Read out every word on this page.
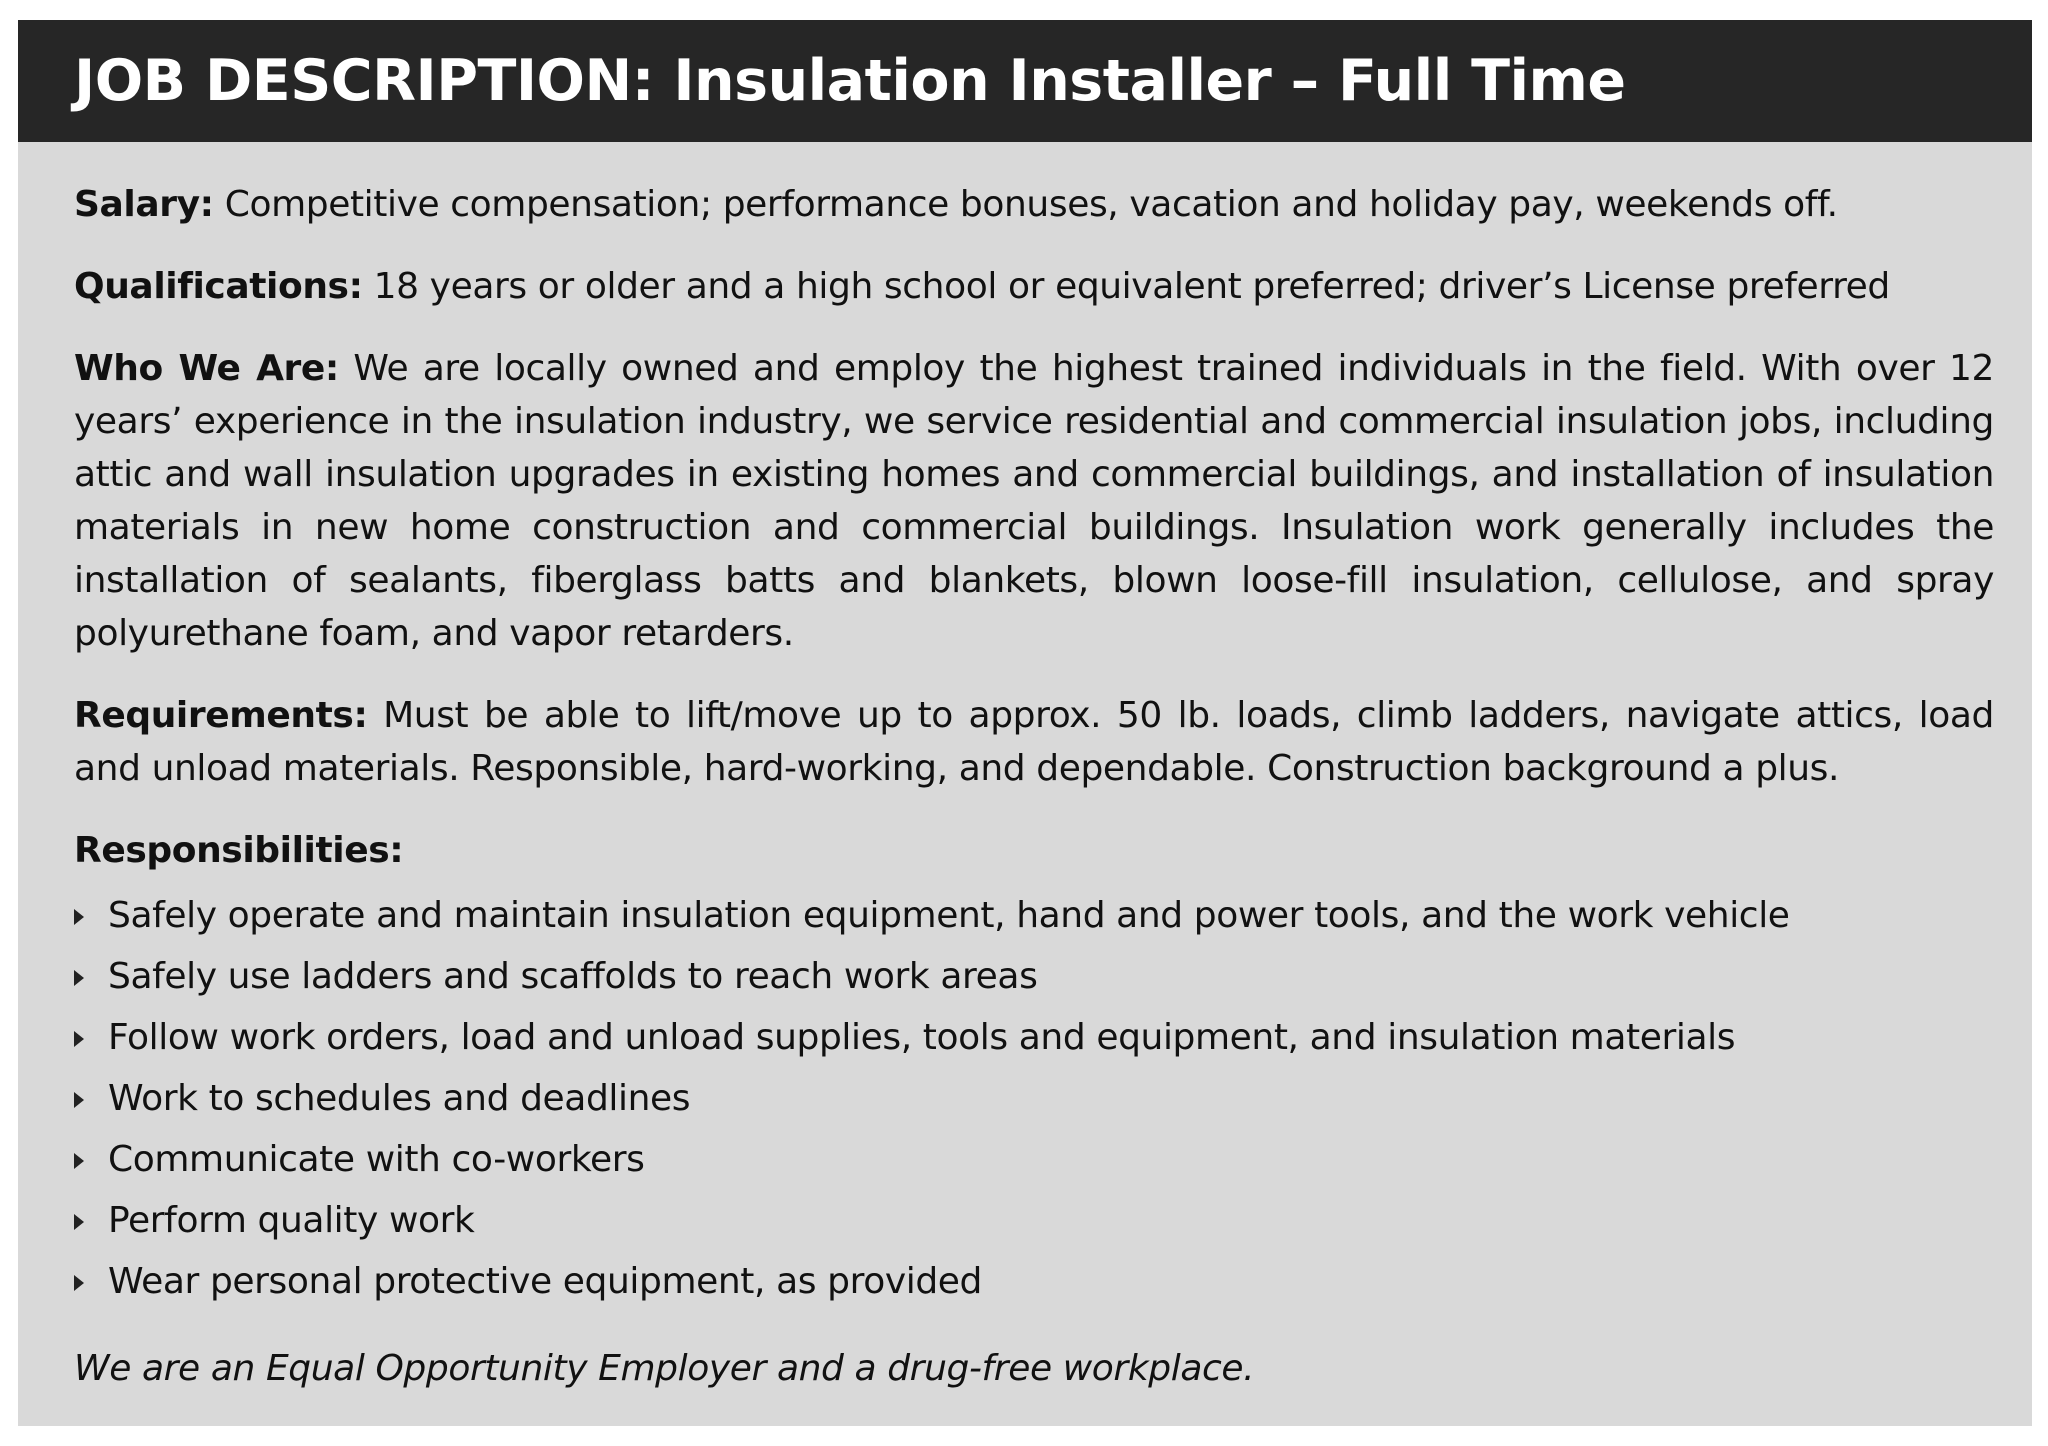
JOB DESCRIPTION: Insulation Installer – Full Time

Salary: Competitive compensation; performance bonuses, vacation and holiday pay, weekends off.

Qualifications: 18 years or older and a high school or equivalent preferred; driver’s License preferred

Who We Are: We are locally owned and employ the highest trained individuals in the field. With over 12 years’ experience in the insulation industry, we service residential and commercial insulation jobs, including attic and wall insulation upgrades in existing homes and commercial buildings, and installation of insulation materials in new home construction and commercial buildings. Insulation work generally includes the installation of sealants, fiberglass batts and blankets, blown loose-fill insulation, cellulose, and spray polyurethane foam, and vapor retarders.

Requirements: Must be able to lift/move up to approx. 50 lb. loads, climb ladders, navigate attics, load and unload materials. Responsible, hard-working, and dependable. Construction background a plus.

Responsibilities:
Safely operate and maintain insulation equipment, hand and power tools, and the work vehicle
Safely use ladders and scaffolds to reach work areas
Follow work orders, load and unload supplies, tools and equipment, and insulation materials
Work to schedules and deadlines
Communicate with co-workers
Perform quality work
Wear personal protective equipment, as provided

We are an Equal Opportunity Employer and a drug-free workplace.
